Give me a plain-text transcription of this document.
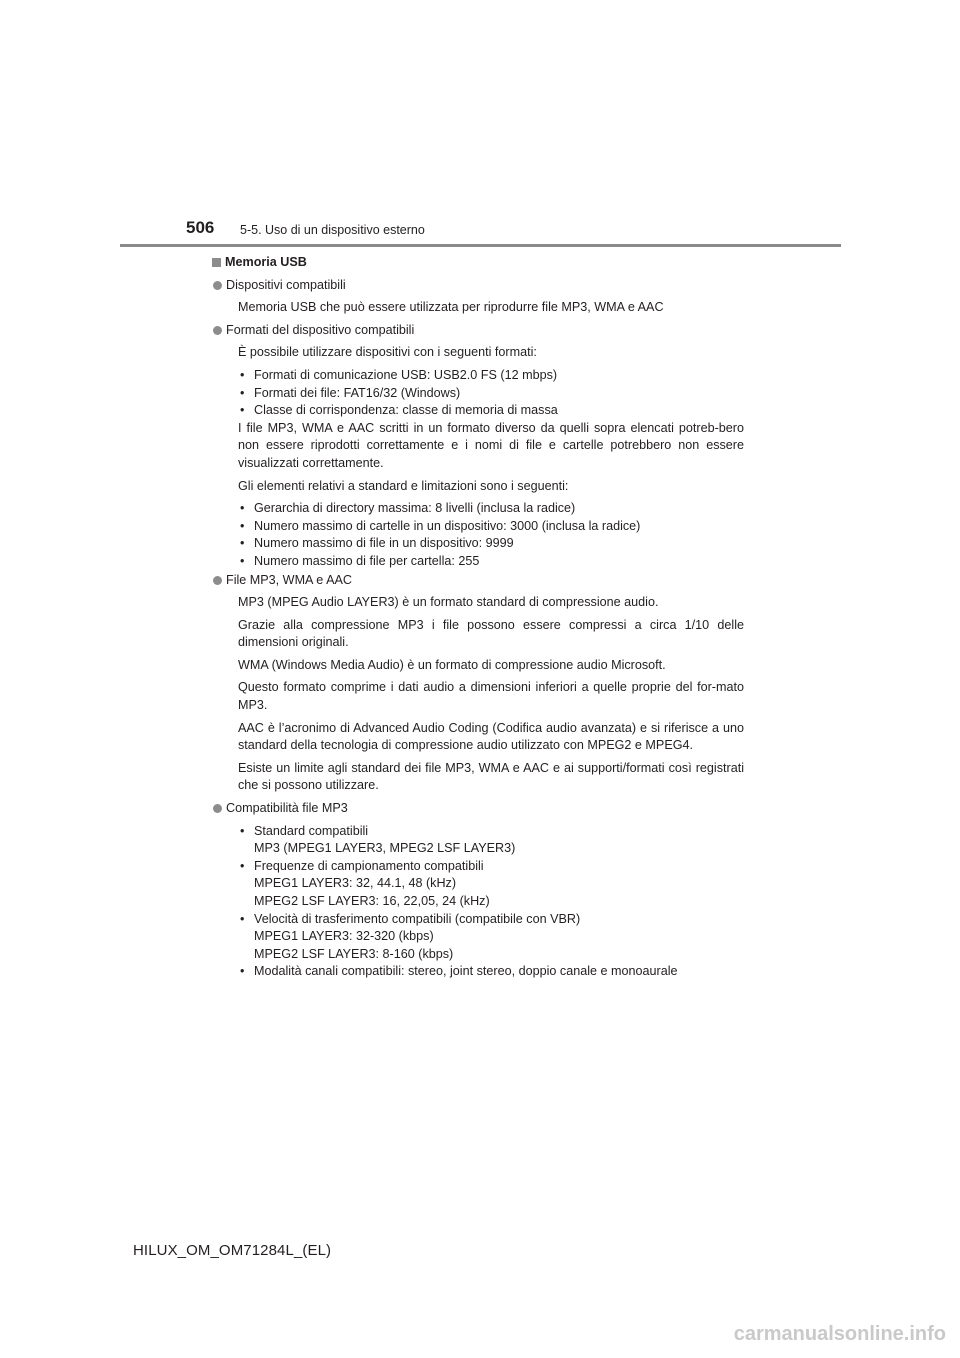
506 5-5. Uso di un dispositivo esterno
Memoria USB
Dispositivi compatibili
Memoria USB che può essere utilizzata per riprodurre file MP3, WMA e AAC
Formati del dispositivo compatibili
È possibile utilizzare dispositivi con i seguenti formati:
• Formati di comunicazione USB: USB2.0 FS (12 mbps)
• Formati dei file: FAT16/32 (Windows)
• Classe di corrispondenza: classe di memoria di massa
I file MP3, WMA e AAC scritti in un formato diverso da quelli sopra elencati potreb-bero non essere riprodotti correttamente e i nomi di file e cartelle potrebbero non essere visualizzati correttamente.
Gli elementi relativi a standard e limitazioni sono i seguenti:
• Gerarchia di directory massima: 8 livelli (inclusa la radice)
• Numero massimo di cartelle in un dispositivo: 3000 (inclusa la radice)
• Numero massimo di file in un dispositivo: 9999
• Numero massimo di file per cartella: 255
File MP3, WMA e AAC
MP3 (MPEG Audio LAYER3) è un formato standard di compressione audio.
Grazie alla compressione MP3 i file possono essere compressi a circa 1/10 delle dimensioni originali.
WMA (Windows Media Audio) è un formato di compressione audio Microsoft.
Questo formato comprime i dati audio a dimensioni inferiori a quelle proprie del for-mato MP3.
AAC è l’acronimo di Advanced Audio Coding (Codifica audio avanzata) e si riferisce a uno standard della tecnologia di compressione audio utilizzato con MPEG2 e MPEG4.
Esiste un limite agli standard dei file MP3, WMA e AAC e ai supporti/formati così registrati che si possono utilizzare.
Compatibilità file MP3
• Standard compatibili
MP3 (MPEG1 LAYER3, MPEG2 LSF LAYER3)
• Frequenze di campionamento compatibili
MPEG1 LAYER3: 32, 44.1, 48 (kHz)
MPEG2 LSF LAYER3: 16, 22,05, 24 (kHz)
• Velocità di trasferimento compatibili (compatibile con VBR)
MPEG1 LAYER3: 32-320 (kbps)
MPEG2 LSF LAYER3: 8-160 (kbps)
• Modalità canali compatibili: stereo, joint stereo, doppio canale e monoaurale
HILUX_OM_OM71284L_(EL)
carmanualsonline.info
